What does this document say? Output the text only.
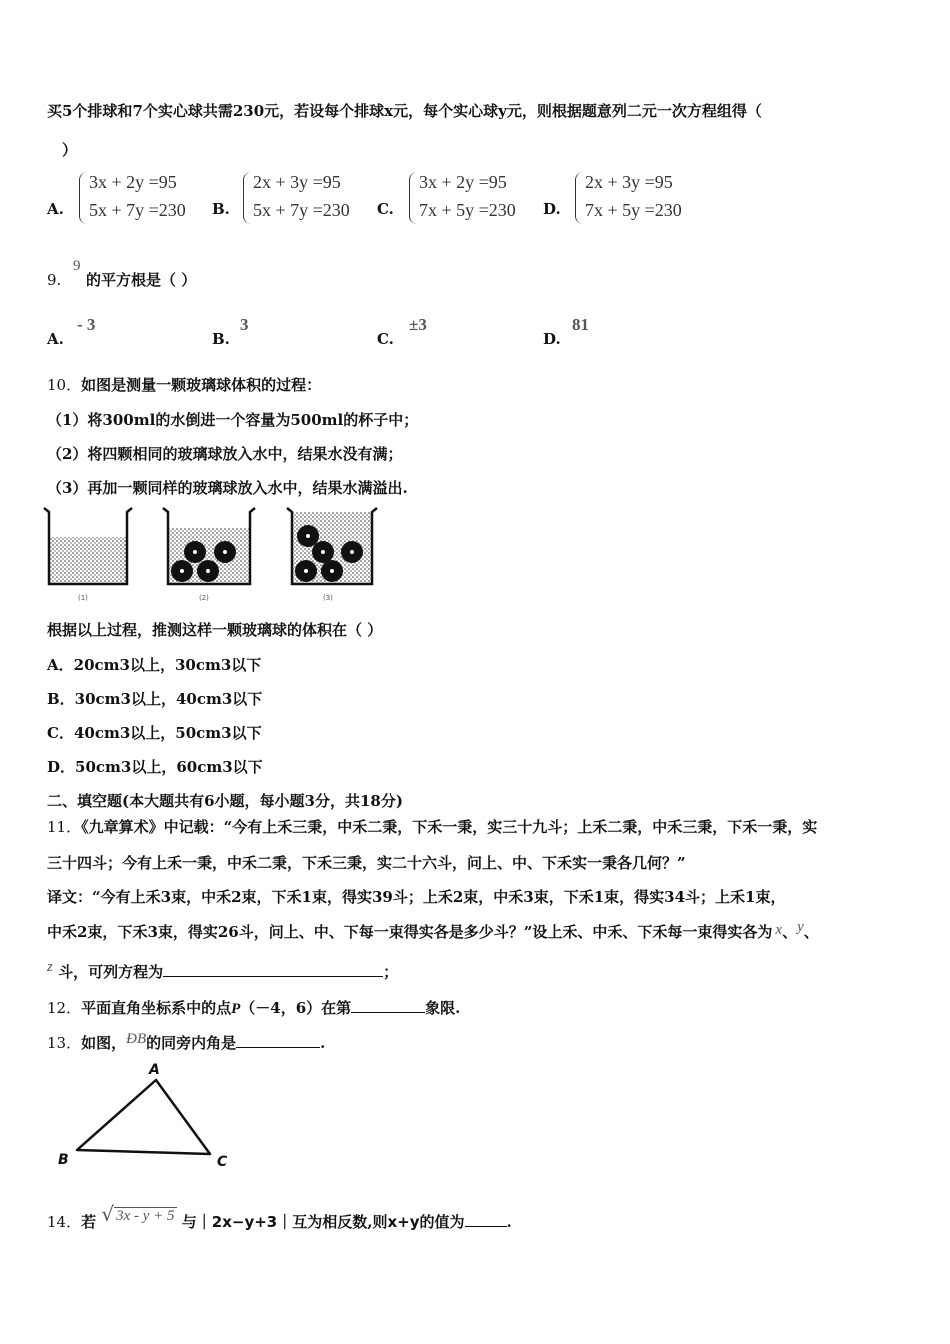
买5个排球和7个实心球共需230元，若设每个排球x元，每个实心球y元，则根据题意列二元一次方程组得（
）
A.
3x + 2y =95
5x + 7y =230 B.
2x + 3y =95
5x + 7y =230 C.
3x + 2y =95
7x + 5y =230 D.
2x + 3y =95
7x + 5y =230
9.
9
的平方根是（ ）
A.
- 3
B.
3
C.
±3
D.
81
10．如图是测量一颗玻璃球体积的过程：
（1）将300ml的水倒进一个容量为500ml的杯子中；
（2）将四颗相同的玻璃球放入水中，结果水没有满；
（3）再加一颗同样的玻璃球放入水中，结果水满溢出.
(1)	(2)	(3)
根据以上过程，推测这样一颗玻璃球的体积在（ ）
A．20cm3以上，30cm3以下
B．30cm3以上，40cm3以下
C．40cm3以上，50cm3以下
D．50cm3以上，60cm3以下
二、填空题(本大题共有6小题，每小题3分，共18分)
11．《九章算术》中记载：“今有上禾三秉，中禾二秉，下禾一秉，实三十九斗；上禾二秉，中禾三秉，下禾一秉，实
三十四斗；今有上禾一秉，中禾二秉，下禾三秉，实二十六斗，问上、中、下禾实一秉各几何？”
译文：“今有上禾3束，中禾2束，下禾1束，得实39斗；上禾2束，中禾3束，下禾1束，得实34斗；上禾1束，
中禾2束，下禾3束，得实26斗，问上、中、下每一束得实各是多少斗？”设上禾、中禾、下禾每一束得实各为 x、y、
z 斗，可列方程为	；
12．平面直角坐标系中的点P（－4，6）在第	象限.
13．如图，ÐB的同旁内角是	.
A
B	C
14．若 √ 3x - y + 5 与｜2x−y+3｜互为相反数,则x+y的值为	.
